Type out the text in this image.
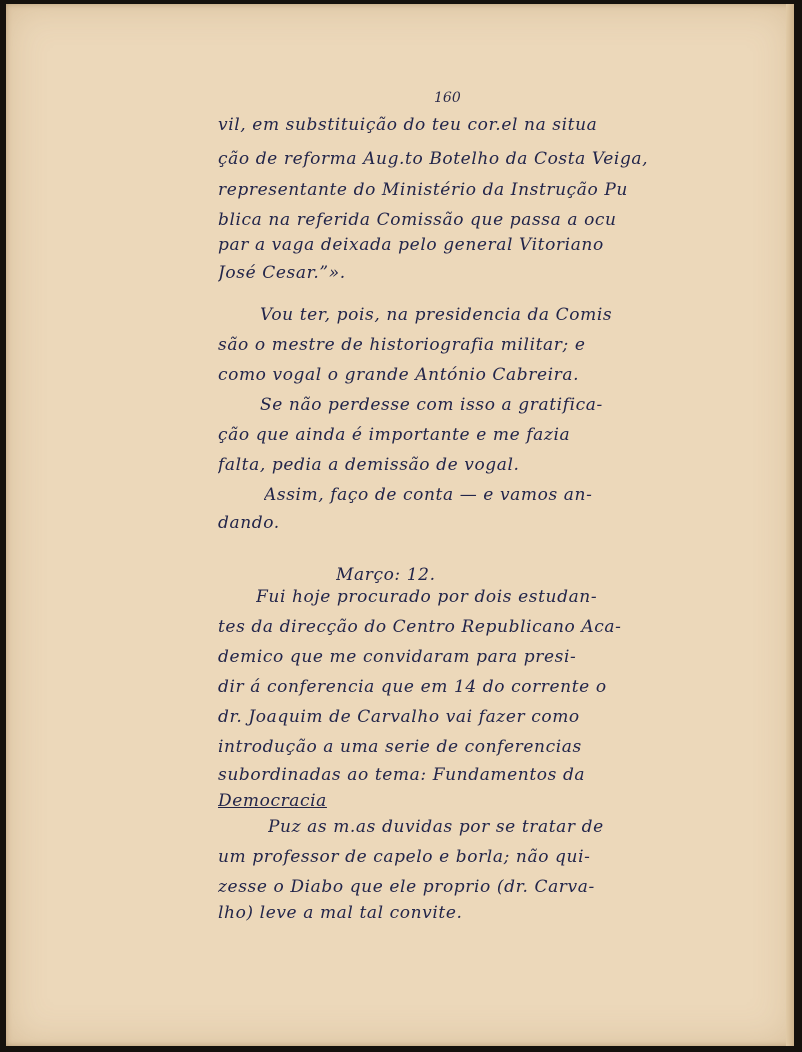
160
vil, em substituição do teu cor.el na situa
ção de reforma Aug.to Botelho da Costa Veiga,
representante do Ministério da Instrução Pu
blica na referida Comissão que passa a ocu
par a vaga deixada pelo general Vitoriano
José Cesar.”».
Vou ter, pois, na presidencia da Comis
são o mestre de historiografia militar; e
como vogal o grande António Cabreira.
Se não perdesse com isso a gratifica-
ção que ainda é importante e me fazia
falta, pedia a demissão de vogal.
Assim, faço de conta — e vamos an-
dando.
Março: 12.
Fui hoje procurado por dois estudan-
tes da direcção do Centro Republicano Aca-
demico que me convidaram para presi-
dir á conferencia que em 14 do corrente o
dr. Joaquim de Carvalho vai fazer como
introdução a uma serie de conferencias
subordinadas ao tema: Fundamentos da
Democracia
Puz as m.as duvidas por se tratar de
um professor de capelo e borla; não qui-
zesse o Diabo que ele proprio (dr. Carva-
lho) leve a mal tal convite.
